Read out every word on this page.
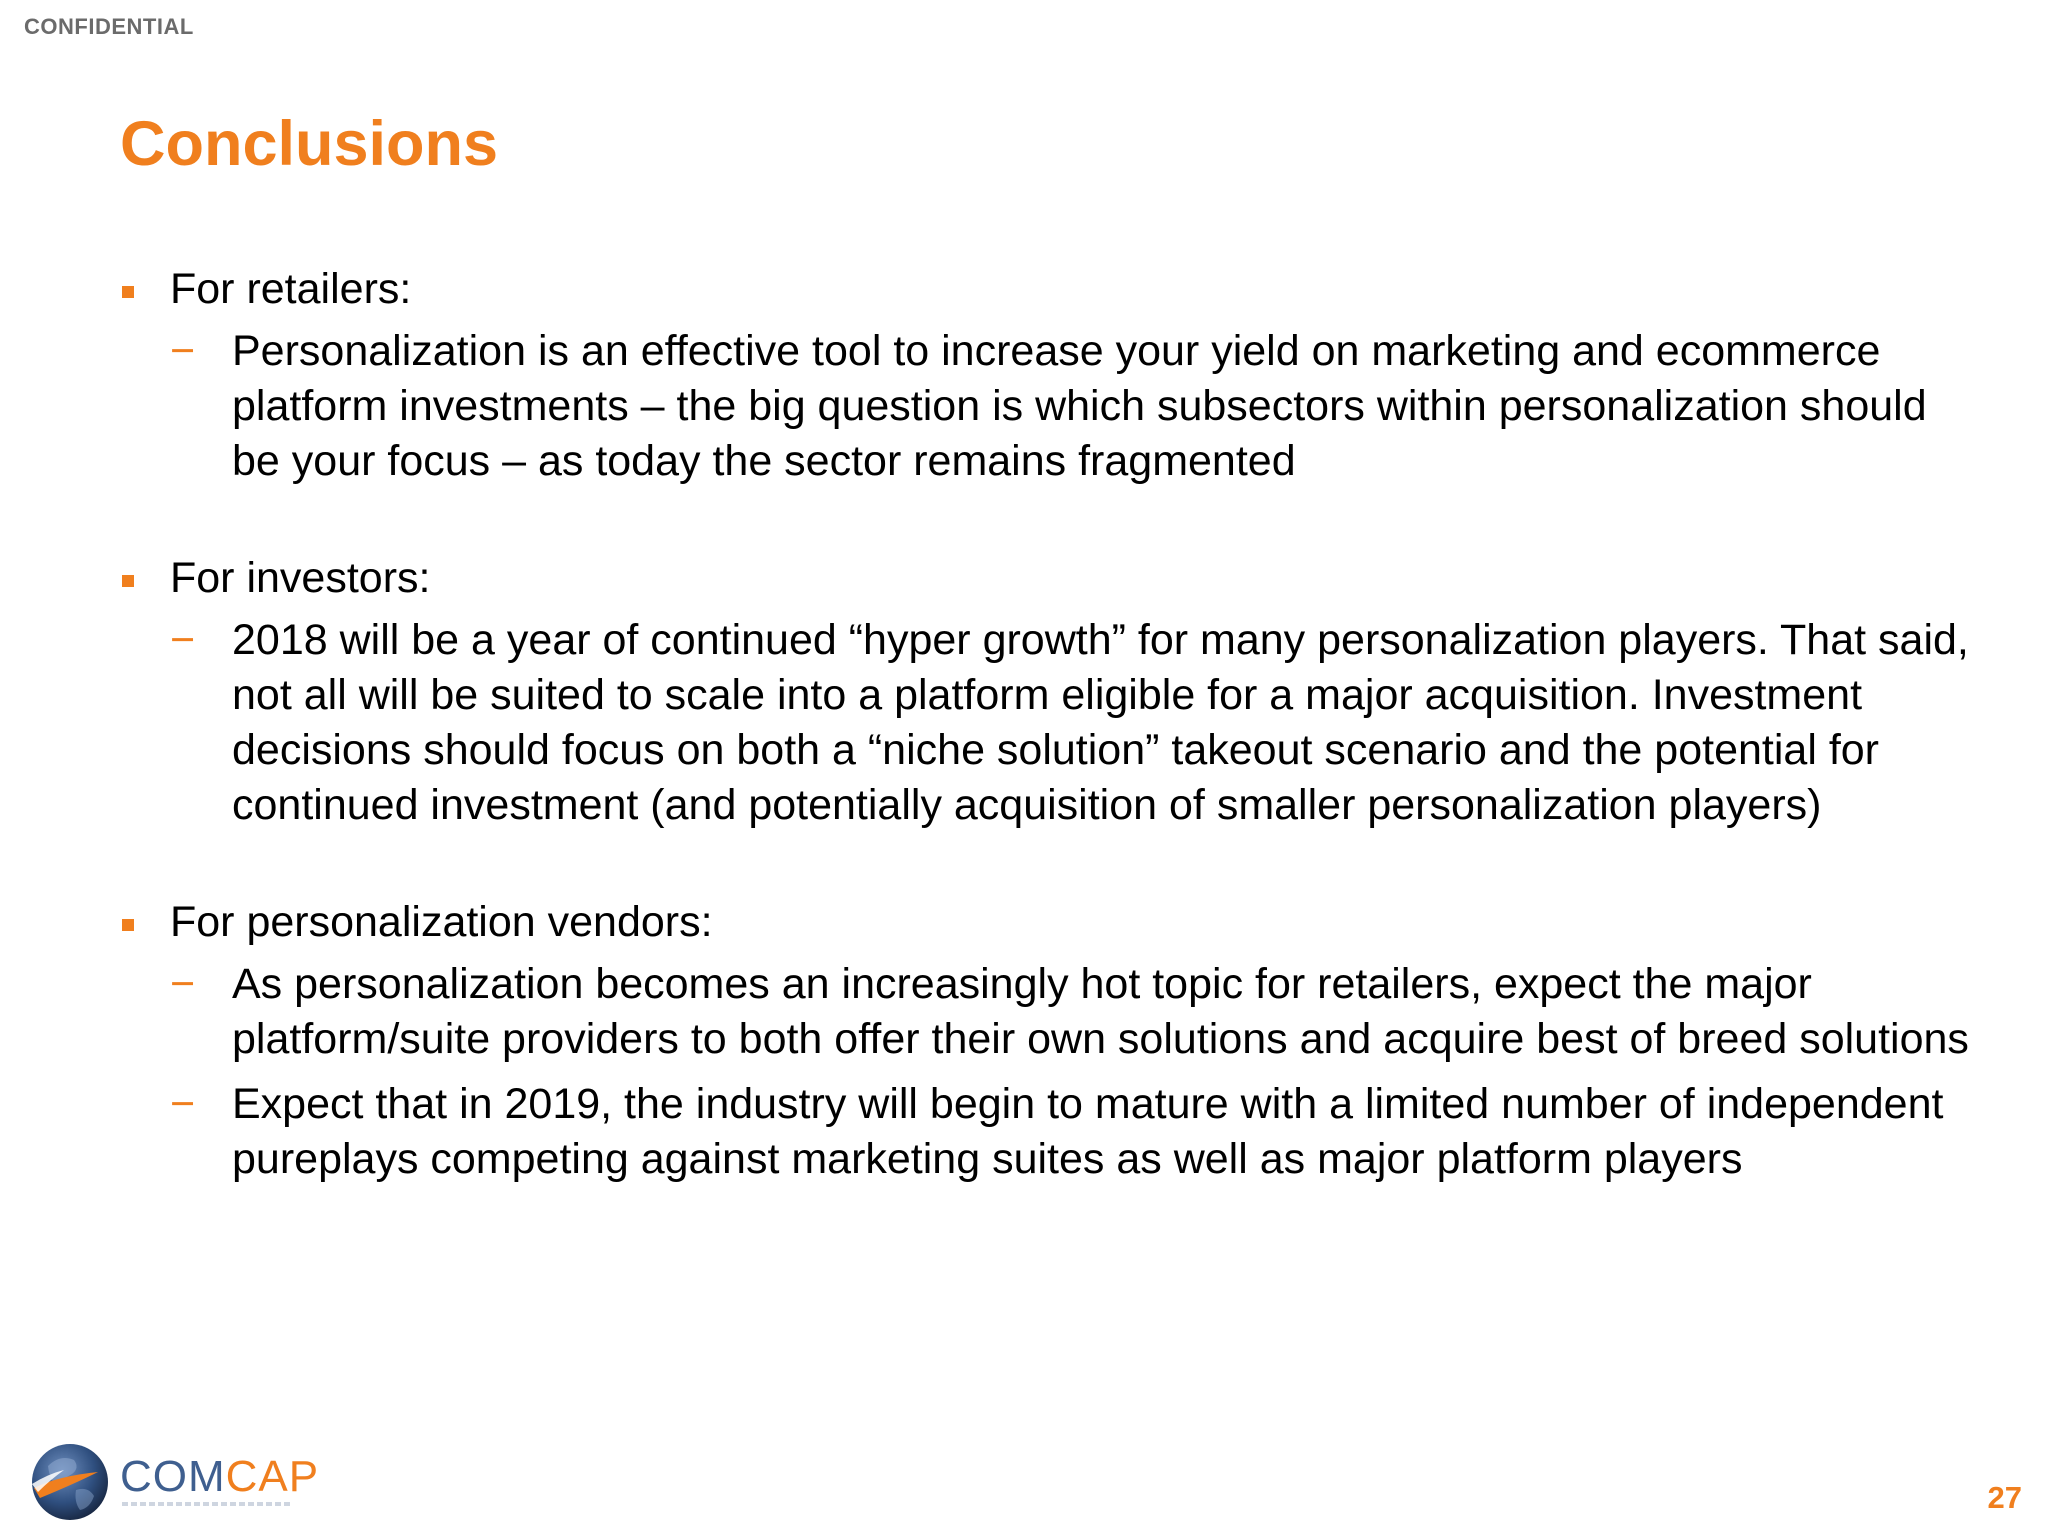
CONFIDENTIAL
Conclusions
For retailers:
− Personalization is an effective tool to increase your yield on marketing and ecommerce platform investments – the big question is which subsectors within personalization should be your focus – as today the sector remains fragmented
For investors:
− 2018 will be a year of continued “hyper growth” for many personalization players. That said, not all will be suited to scale into a platform eligible for a major acquisition. Investment decisions should focus on both a “niche solution” takeout scenario and the potential for continued investment (and potentially acquisition of smaller personalization players)
For personalization vendors:
− As personalization becomes an increasingly hot topic for retailers, expect the major platform/suite providers to both offer their own solutions and acquire best of breed solutions
− Expect that in 2019, the industry will begin to mature with a limited number of independent pureplays competing against marketing suites as well as major platform players
COMCAP	27
